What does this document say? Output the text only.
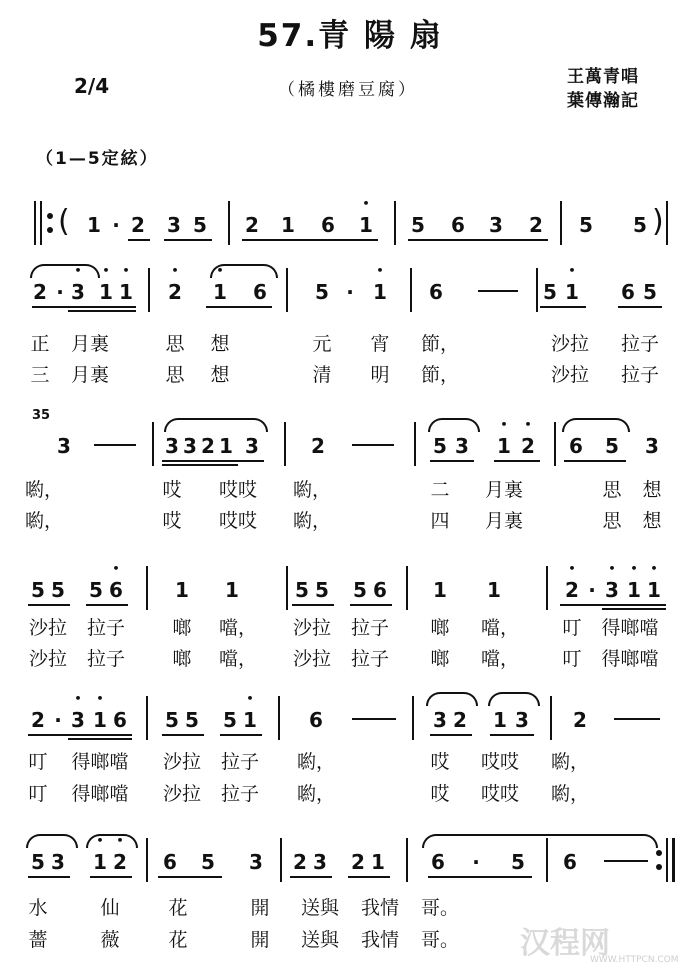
57.青 陽 扇
2/4	（橘樓磨豆腐）
王萬青唱
葉傳瀚記
（1—5定絃）
( 1 · 2 3 5 2 1 6 • 1 5 6 3 2 5 5 )
2 · • 3 • 1 • 1 • 2 • 1 6 5 · • 1 6	5 • 1 6 5
正	月裏	思 想	元 宵 節，	沙拉 拉子
三	月裏	思 想	清 明 節，	沙拉 拉子
35
3	3 3 2 1 3	2	5 3 • 1 • 2 6 5 3
喲，	哎 哎哎 喲，	二 月裏	思 想
喲，	哎 哎哎 喲，	四 月裏	思 想
5 5 5 • 6	1 1	5 5 5 6 1 1	• 2 · • 3 • 1 • 1
沙拉 拉子 啷 噹， 沙拉 拉子 啷 噹， 叮	得啷噹
沙拉 拉子 啷 噹， 沙拉 拉子 啷 噹， 叮	得啷噹
2 · • 3 • 1 6 5 5 5 • 1	6	3 2 1 3 2
叮 得啷噹 沙拉 拉子 喲，	哎 哎哎 喲，
叮 得啷噹 沙拉 拉子 喲，	哎 哎哎 喲，
5 3 • 1 • 2 6 5 3 2 3 2 1 6	·	5 6
水	仙	花	開 送與 我情 哥。
薔	薇	花	開 送與 我情 哥。 汉程网
WWW.HTTPCN.COM
